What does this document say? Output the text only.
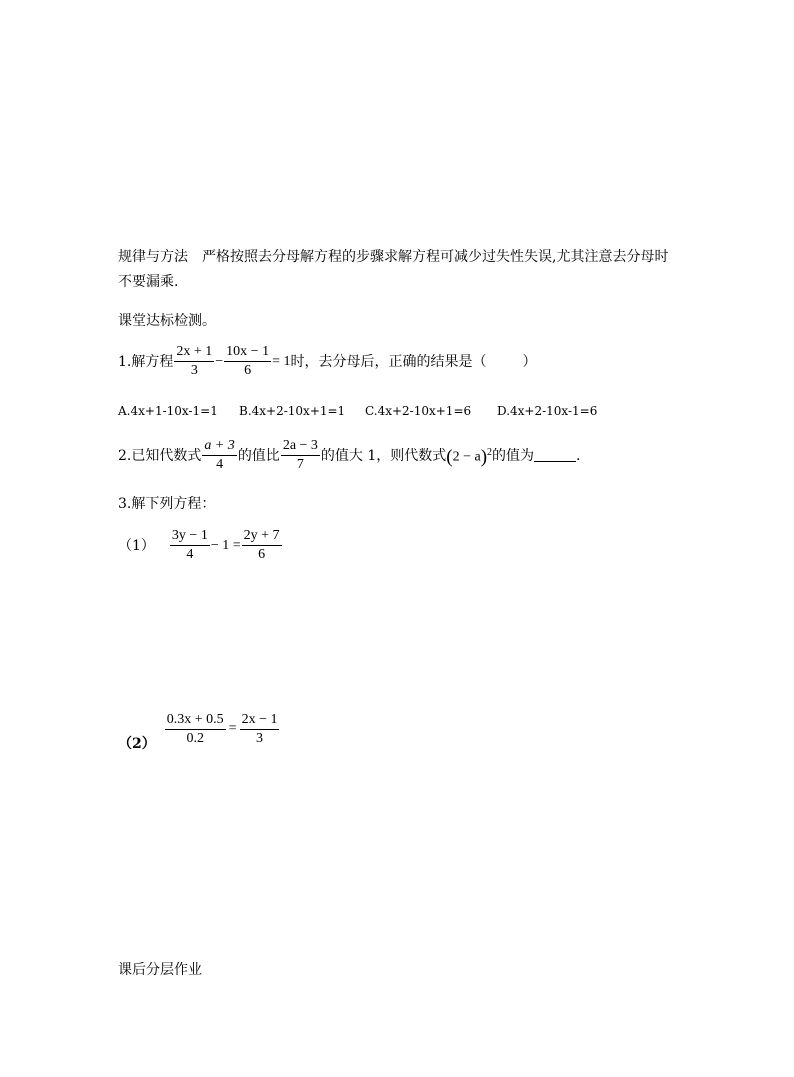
规律与方法　严格按照去分母解方程的步骤求解方程可减少过失性失误,尤其注意去分母时
不要漏乘.
课堂达标检测。
1.解方程 $\frac{2x + 1}{3} - \frac{10x - 1}{6} = 1$ 时，去分母后，正确的结果是（	）
A.4x+1-10x-1=1 B.4x+2-10x+1=1 C.4x+2-10x+1=6 D.4x+2-10x-1=6
2.已知代数式 $\frac{a + 3}{4}$ 的值比 $\frac{2a - 3}{7}$ 的值大 1，则代数式 $(2 - a)^2$ 的值为	.
3.解下列方程：
$(1) \frac{3y - 1}{4} - 1 = \frac{2y + 7}{6}$
$(2) \frac{0.3x + 0.5}{0.2} = \frac{2x - 1}{3}$
课后分层作业
